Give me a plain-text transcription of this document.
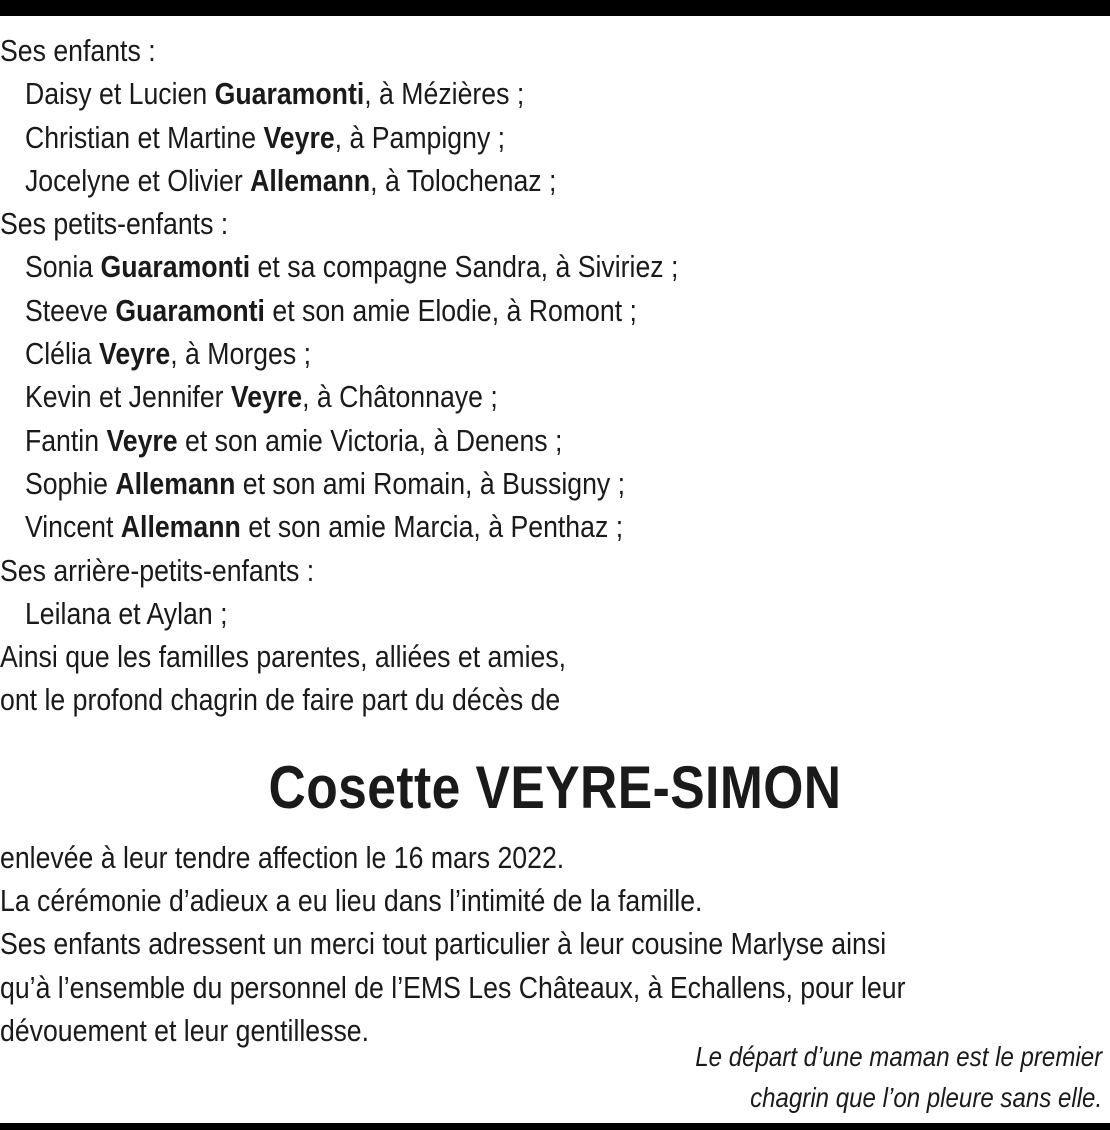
Ses enfants :
Daisy et Lucien Guaramonti, à Mézières ;
Christian et Martine Veyre, à Pampigny ;
Jocelyne et Olivier Allemann, à Tolochenaz ;
Ses petits-enfants :
Sonia Guaramonti et sa compagne Sandra, à Siviriez ;
Steeve Guaramonti et son amie Elodie, à Romont ;
Clélia Veyre, à Morges ;
Kevin et Jennifer Veyre, à Châtonnaye ;
Fantin Veyre et son amie Victoria, à Denens ;
Sophie Allemann et son ami Romain, à Bussigny ;
Vincent Allemann et son amie Marcia, à Penthaz ;
Ses arrière-petits-enfants :
Leilana et Aylan ;
Ainsi que les familles parentes, alliées et amies,
ont le profond chagrin de faire part du décès de
Cosette VEYRE-SIMON
enlevée à leur tendre affection le 16 mars 2022.
La cérémonie d’adieux a eu lieu dans l’intimité de la famille.
Ses enfants adressent un merci tout particulier à leur cousine Marlyse ainsi
qu’à l’ensemble du personnel de l’EMS Les Châteaux, à Echallens, pour leur
dévouement et leur gentillesse.
Le départ d’une maman est le premier
chagrin que l’on pleure sans elle.
